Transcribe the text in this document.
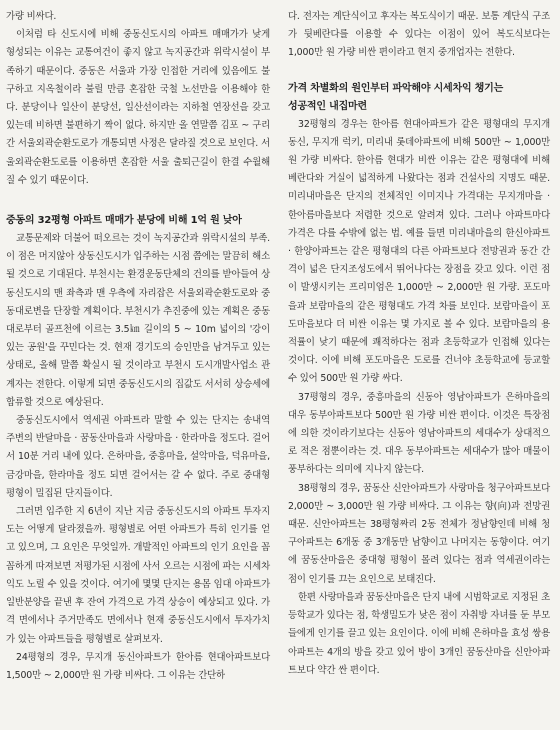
가량 비싸다.

이처럼 타 신도시에 비해 중동신도시의 아파트 매매가가 낮게 형성되는 이유는 교통여건이 좋지 않고 녹지공간과 위락시설이 부족하기 때문이다. 중동은 서울과 가장 인접한 거리에 있음에도 불구하고 지옥철이라 불릴 만큼 혼잡한 국철 노선만을 이용해야 한다. 분당이나 일산이 분당선, 일산선이라는 지하철 연장선을 갖고 있는데 비하면 불편하기 짝이 없다. 하지만 올 연말쯤 김포 ~ 구리간 서울외곽순환도로가 개통되면 사정은 달라질 것으로 보인다. 서울외곽순환도로를 이용하면 혼잡한 서울 출퇴근길이 한결 수월해질 수 있기 때문이다.

중동의 32평형 아파트 매매가 분당에 비해 1억 원 낮아

교통문제와 더불어 떠오르는 것이 녹지공간과 위락시설의 부족. 이 점은 머지않아 상동신도시가 입주하는 시점 쯤에는 말끔히 해소될 것으로 기대된다. 부천시는 환경운동단체의 건의를 받아들여 상동신도시의 맨 좌측과 맨 우측에 자리잡은 서울외곽순환도로와 중동대로변을 단장할 계획이다. 부천시가 추진중에 있는 계획은 중동대로부터 골프천에 이르는 3.5㎞ 길이의 5 ~ 10m 넓이의 '강이 있는 공원'을 꾸민다는 것. 현재 경기도의 승인만을 남겨두고 있는 상태로, 올해 말쯤 확실시 될 것이라고 부천시 도시개발사업소 관계자는 전한다. 이렇게 되면 중동신도시의 집값도 서서히 상승세에 합류할 것으로 예상된다.

중동신도시에서 역세권 아파트라 말할 수 있는 단지는 송내역 주변의 반달마을 · 꿈동산마을과 사랑마을 · 한라마을 정도다. 걸어서 10분 거리 내에 있다. 은하마을, 중흥마을, 설악마을, 덕유마을, 금강마을, 한라마을 정도 되면 걸어서는 갈 수 없다. 주로 중대형 평형이 밀집된 단지들이다.

그러면 입주한 지 6년이 지난 지금 중동신도시의 아파트 투자지도는 어떻게 달라졌을까. 평형별로 어떤 아파트가 특히 인기를 얻고 있으며, 그 요인은 무엇일까. 개발적인 아파트의 인기 요인을 꼼꼼하게 따져보면 저평가된 시점에 사서 오르는 시점에 파는 시세차익도 노릴 수 있을 것이다. 여기에 몇몇 단지는 용몸 임대 아파트가 일반분양을 끝낸 후 잔여 가격으로 가격 상승이 예상되고 있다. 가격 면에서나 주거만족도 면에서나 현재 중동신도시에서 투자가치가 있는 아파트들을 평형별로 살펴보자.

24평형의 경우, 무지개 동신아파트가 한아름 현대아파트보다 1,500만 ~ 2,000만 원 가량 비싸다. 그 이유는 간단하

다. 전자는 계단식이고 후자는 복도식이기 때문. 보통 계단식 구조가 뒷베란다를 이용할 수 있다는 이점이 있어 복도식보다는 1,000만 원 가량 비싼 편이라고 현지 중개업자는 전한다.

가격 차별화의 원인부터 파악해야 시세차익 챙기는
성공적인 내집마련

32평형의 경우는 한아름 현대아파트가 같은 평형대의 무지개 동신, 무지개 럭키, 미리내 롯데아파트에 비해 500만 ~ 1,000만 원 가량 비싸다. 한아름 현대가 비싼 이유는 같은 평형대에 비해 베란다와 거실이 넓적하게 나왔다는 점과 건설사의 지명도 때문. 미리내마을은 단지의 전체적인 이미지나 가격대는 무지개마을 · 한아름마을보다 저렴한 것으로 알려져 있다. 그러나 아파트마다 가격은 다를 수밖에 없는 법. 예를 들면 미리내마을의 한신아파트 · 한양아파트는 같은 평형대의 다른 아파트보다 전망권과 동간 간격이 넓은 단지조성도에서 뛰어나다는 장점을 갖고 있다. 이런 점이 발생시키는 프리미엄은 1,000만 ~ 2,000만 원 가량. 포도마을과 보람마을의 같은 평형대도 가격 차를 보인다. 보람마을이 포도마을보다 더 비싼 이유는 몇 가지로 볼 수 있다. 보람마을의 용적률이 낮기 때문에 쾌적하다는 점과 초등학교가 인접해 있다는 것이다. 이에 비해 포도마을은 도로를 건너야 초등학교에 등교할 수 있어 500만 원 가량 싸다.

37평형의 경우, 중흥마을의 신동아 영남아파트가 은하마을의 대우 동부아파트보다 500만 원 가량 비싼 편이다. 이것은 특장점에 의한 것이라기보다는 신동아 영남아파트의 세대수가 상대적으로 적은 점뿐이라는 것. 대우 동부아파트는 세대수가 많아 매물이 풍부하다는 의미에 지나지 않는다.

38평형의 경우, 꿈동산 신안아파트가 사랑마을 청구아파트보다 2,000만 ~ 3,000만 원 가량 비싸다. 그 이유는 향(向)과 전망권 때문. 신안아파트는 38평형짜리 2동 전체가 정남향인데 비해 청구아파트는 6개동 중 3개동만 남향이고 나머지는 동향이다. 여기에 꿈동산마을은 중대형 평형이 몰려 있다는 점과 역세권이라는 점이 인기를 끄는 요인으로 보태진다.

한편 사랑마을과 꿈동산마을은 단지 내에 시범학교로 지정된 초등학교가 있다는 점, 학생밀도가 낮은 점이 자취방 자녀를 둔 부모들에게 인기를 끌고 있는 요인이다. 이에 비해 은하마을 효성 쌍용아파트는 4개의 방을 갖고 있어 방이 3개인 꿈동산마을 신안아파트보다 약간 싼 편이다.
